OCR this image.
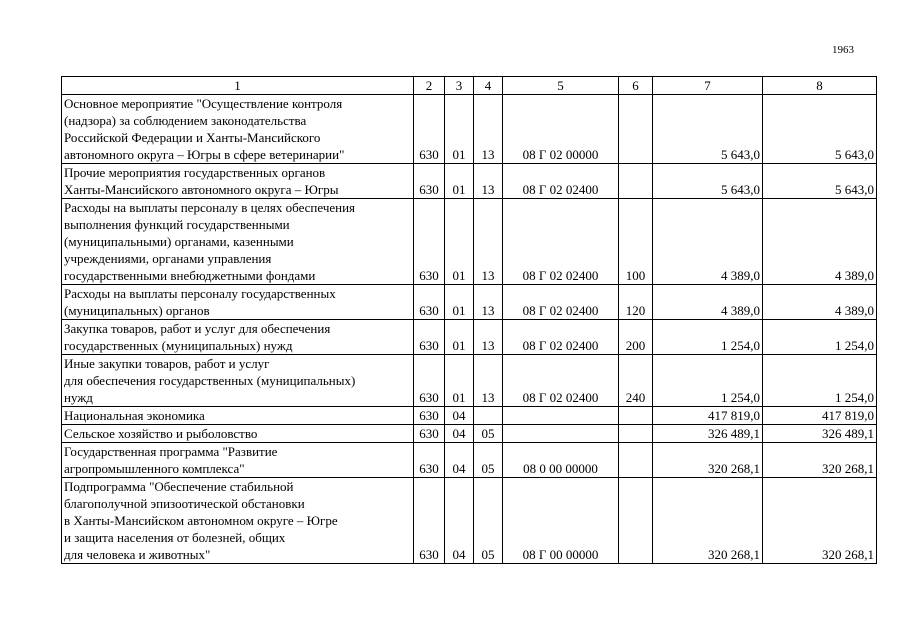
1963
1	2	3	4	5	6	7	8
Основное мероприятие "Осуществление контроля
(надзора) за соблюдением законодательства
Российской Федерации и Ханты-Мансийского
автономного округа – Югры в сфере ветеринарии"	630	01	13	08 Г 02 00000		5 643,0	5 643,0
Прочие мероприятия государственных органов
Ханты-Мансийского автономного округа – Югры	630	01	13	08 Г 02 02400		5 643,0	5 643,0
Расходы на выплаты персоналу в целях обеспечения
выполнения функций государственными
(муниципальными) органами, казенными
учреждениями, органами управления
государственными внебюджетными фондами	630	01	13	08 Г 02 02400	100	4 389,0	4 389,0
Расходы на выплаты персоналу государственных
(муниципальных) органов	630	01	13	08 Г 02 02400	120	4 389,0	4 389,0
Закупка товаров, работ и услуг для обеспечения
государственных (муниципальных) нужд	630	01	13	08 Г 02 02400	200	1 254,0	1 254,0
Иные закупки товаров, работ и услуг
для обеспечения государственных (муниципальных)
нужд	630	01	13	08 Г 02 02400	240	1 254,0	1 254,0
Национальная экономика	630	04				417 819,0	417 819,0
Сельское хозяйство и рыболовство	630	04	05			326 489,1	326 489,1
Государственная программа "Развитие
агропромышленного комплекса"	630	04	05	08 0 00 00000		320 268,1	320 268,1
Подпрограмма "Обеспечение стабильной
благополучной эпизоотической обстановки
в Ханты-Мансийском автономном округе – Югре
и защита населения от болезней, общих
для человека и животных"	630	04	05	08 Г 00 00000		320 268,1	320 268,1
